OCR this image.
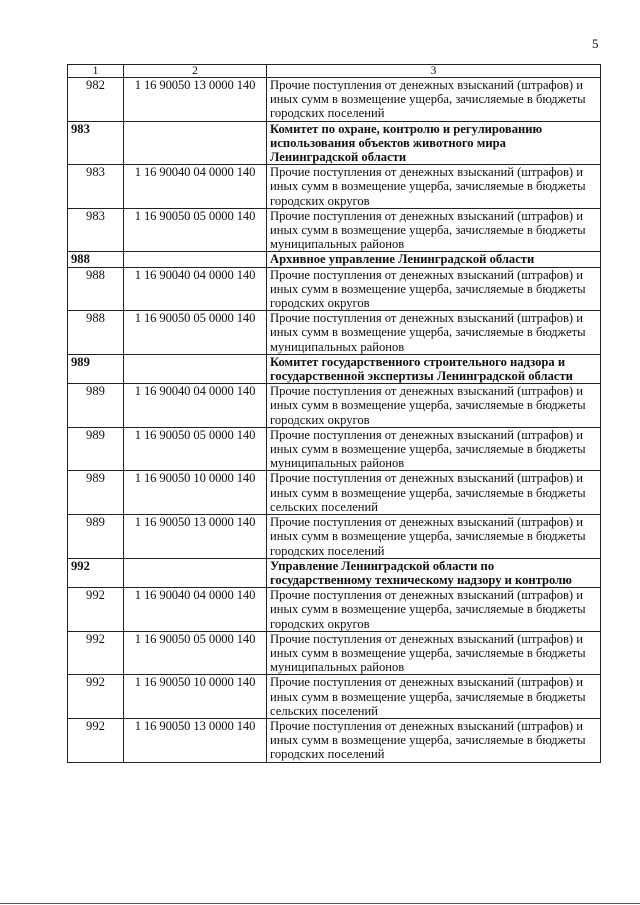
5
1	2	3
982	1 16 90050 13 0000 140	Прочие поступления от денежных взысканий (штрафов) и иных сумм в возмещение ущерба, зачисляемые в бюджеты городских поселений
983		Комитет по охране, контролю и регулированию использования объектов животного мира Ленинградской области
983	1 16 90040 04 0000 140	Прочие поступления от денежных взысканий (штрафов) и иных сумм в возмещение ущерба, зачисляемые в бюджеты городских округов
983	1 16 90050 05 0000 140	Прочие поступления от денежных взысканий (штрафов) и иных сумм в возмещение ущерба, зачисляемые в бюджеты муниципальных районов
988		Архивное управление Ленинградской области
988	1 16 90040 04 0000 140	Прочие поступления от денежных взысканий (штрафов) и иных сумм в возмещение ущерба, зачисляемые в бюджеты городских округов
988	1 16 90050 05 0000 140	Прочие поступления от денежных взысканий (штрафов) и иных сумм в возмещение ущерба, зачисляемые в бюджеты муниципальных районов
989		Комитет государственного строительного надзора и государственной экспертизы Ленинградской области
989	1 16 90040 04 0000 140	Прочие поступления от денежных взысканий (штрафов) и иных сумм в возмещение ущерба, зачисляемые в бюджеты городских округов
989	1 16 90050 05 0000 140	Прочие поступления от денежных взысканий (штрафов) и иных сумм в возмещение ущерба, зачисляемые в бюджеты муниципальных районов
989	1 16 90050 10 0000 140	Прочие поступления от денежных взысканий (штрафов) и иных сумм в возмещение ущерба, зачисляемые в бюджеты сельских поселений
989	1 16 90050 13 0000 140	Прочие поступления от денежных взысканий (штрафов) и иных сумм в возмещение ущерба, зачисляемые в бюджеты городских поселений
992		Управление Ленинградской области по государственному техническому надзору и контролю
992	1 16 90040 04 0000 140	Прочие поступления от денежных взысканий (штрафов) и иных сумм в возмещение ущерба, зачисляемые в бюджеты городских округов
992	1 16 90050 05 0000 140	Прочие поступления от денежных взысканий (штрафов) и иных сумм в возмещение ущерба, зачисляемые в бюджеты муниципальных районов
992	1 16 90050 10 0000 140	Прочие поступления от денежных взысканий (штрафов) и иных сумм в возмещение ущерба, зачисляемые в бюджеты сельских поселений
992	1 16 90050 13 0000 140	Прочие поступления от денежных взысканий (штрафов) и иных сумм в возмещение ущерба, зачисляемые в бюджеты городских поселений
